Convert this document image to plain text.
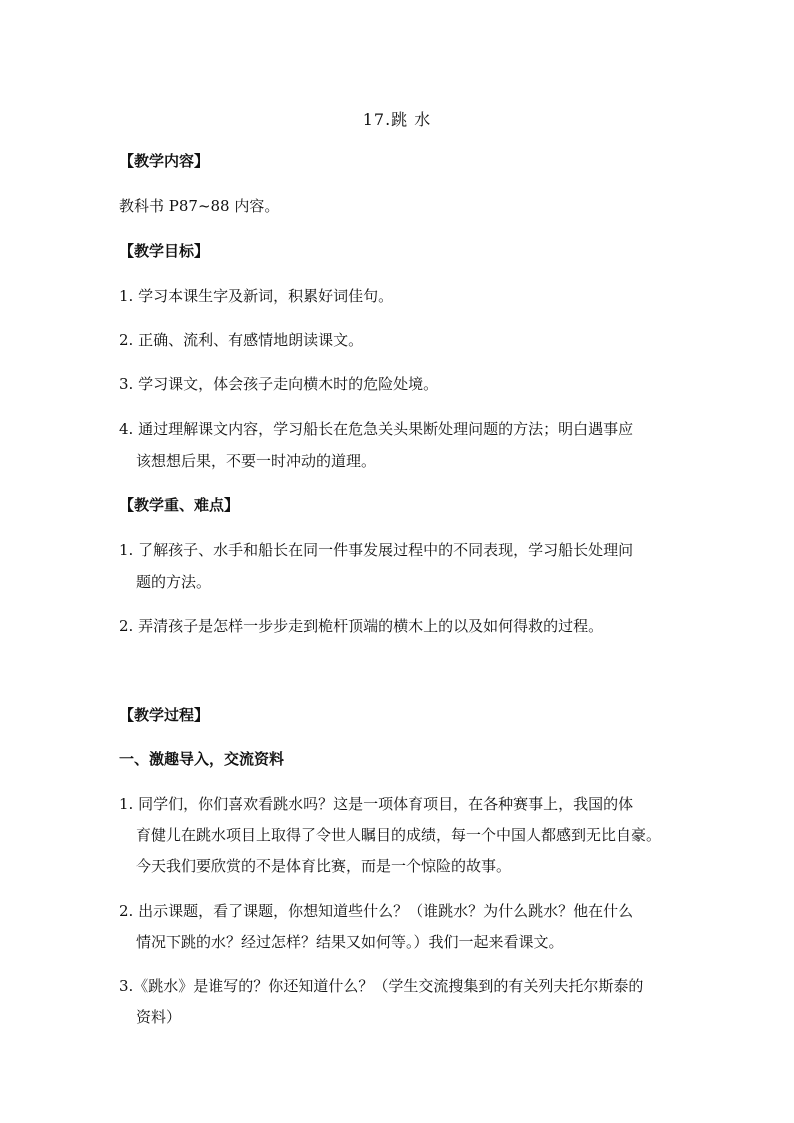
17.跳 水
【教学内容】
教科书 P87~88 内容。
【教学目标】
1. 学习本课生字及新词，积累好词佳句。
2. 正确、流利、有感情地朗读课文。
3. 学习课文，体会孩子走向横木时的危险处境。
4. 通过理解课文内容，学习船长在危急关头果断处理问题的方法；明白遇事应
该想想后果，不要一时冲动的道理。
【教学重、难点】
1. 了解孩子、水手和船长在同一件事发展过程中的不同表现，学习船长处理问
题的方法。
2. 弄清孩子是怎样一步步走到桅杆顶端的横木上的以及如何得救的过程。
【教学过程】
一、激趣导入，交流资料
1. 同学们，你们喜欢看跳水吗？这是一项体育项目，在各种赛事上，我国的体
育健儿在跳水项目上取得了令世人瞩目的成绩，每一个中国人都感到无比自豪。
今天我们要欣赏的不是体育比赛，而是一个惊险的故事。
2. 出示课题，看了课题，你想知道些什么？（谁跳水？为什么跳水？他在什么
情况下跳的水？经过怎样？结果又如何等。）我们一起来看课文。
3.《跳水》是谁写的？你还知道什么？（学生交流搜集到的有关列夫托尔斯泰的
资料）
